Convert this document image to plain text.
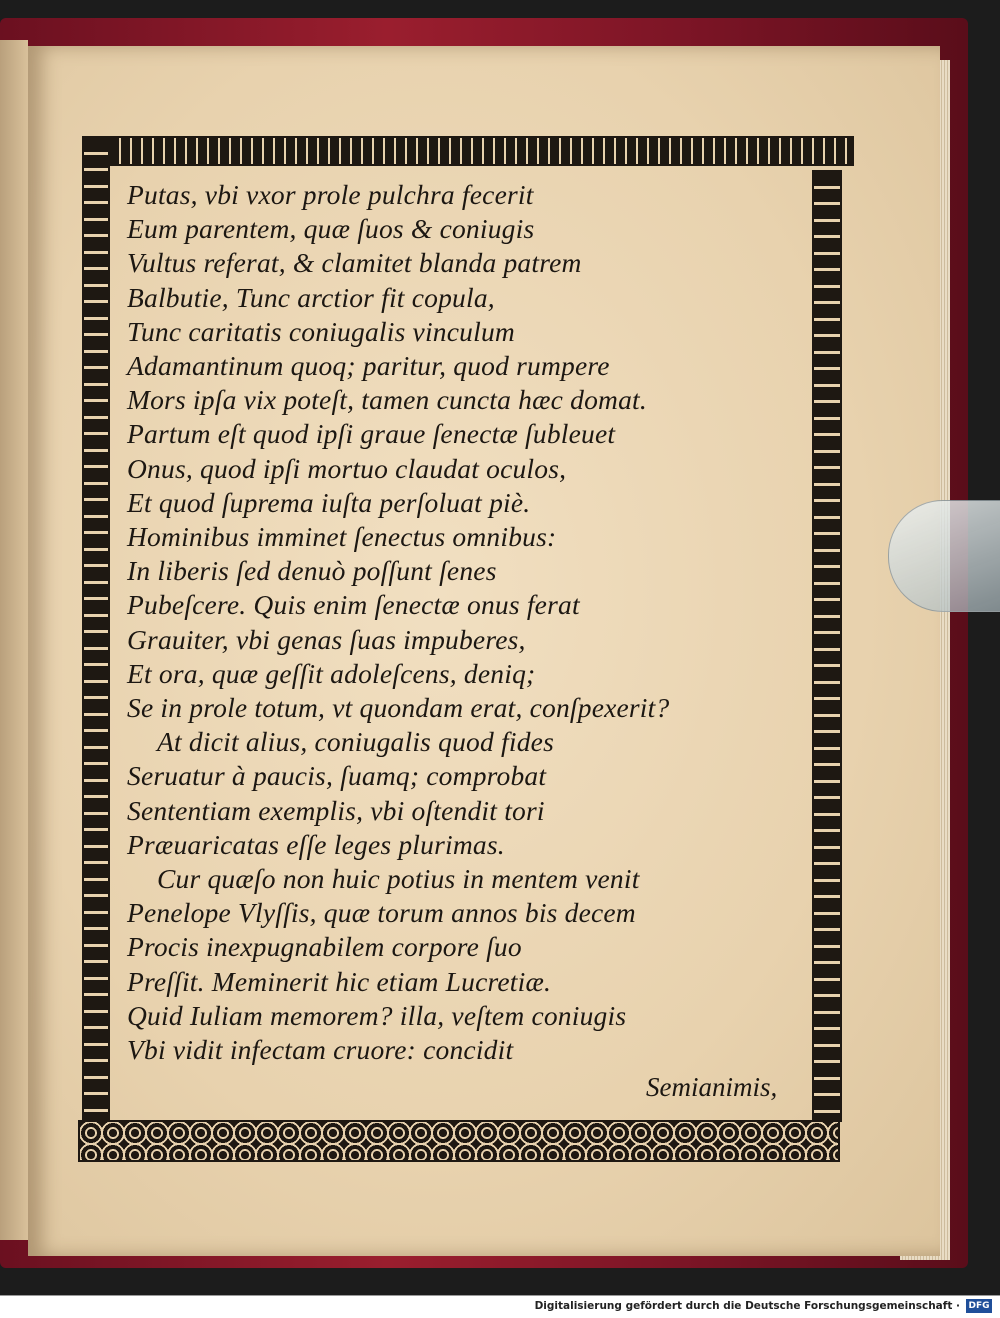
Putas, vbi vxor prole pulchra fecerit
Eum parentem, quæ ſuos & coniugis
Vultus referat, & clamitet blanda patrem
Balbutie, Tunc arctior fit copula,
Tunc caritatis coniugalis vinculum
Adamantinum quoq; paritur, quod rumpere
Mors ipſa vix poteſt, tamen cuncta hæc domat.
Partum eſt quod ipſi graue ſenectæ ſubleuet
Onus, quod ipſi mortuo claudat oculos,
Et quod ſuprema iuſta perſoluat piè.
Hominibus imminet ſenectus omnibus:
In liberis ſed denuò poſſunt ſenes
Pubeſcere. Quis enim ſenectæ onus ferat
Grauiter, vbi genas ſuas impuberes,
Et ora, quæ geſſit adoleſcens, deniq;
Se in prole totum, vt quondam erat, conſpexerit?
At dicit alius, coniugalis quod fides
Seruatur à paucis, ſuamq; comprobat
Sententiam exemplis, vbi oſtendit tori
Præuaricatas eſſe leges plurimas.
Cur quæſo non huic potius in mentem venit
Penelope Vlyſſis, quæ torum annos bis decem
Procis inexpugnabilem corpore ſuo
Preſſit. Meminerit hic etiam Lucretiæ.
Quid Iuliam memorem? illa, veſtem coniugis
Vbi vidit infectam cruore: concidit
Semianimis,
Digitalisierung gefördert durch die Deutsche Forschungsgemeinschaft · DFG
